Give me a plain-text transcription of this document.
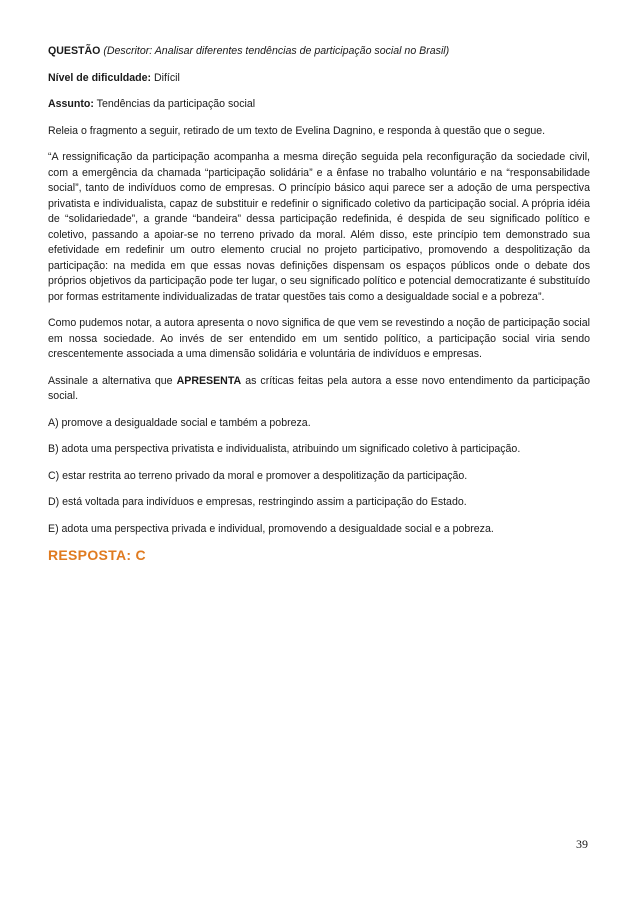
QUESTÃO (Descritor: Analisar diferentes tendências de participação social no Brasil)

Nível de dificuldade: Difícil

Assunto: Tendências da participação social

Releia o fragmento a seguir, retirado de um texto de Evelina Dagnino, e responda à questão que o segue.

“A ressignificação da participação acompanha a mesma direção seguida pela reconfiguração da sociedade civil, com a emergência da chamada “participação solidária” e a ênfase no trabalho voluntário e na “responsabilidade social”, tanto de indivíduos como de empresas. O princípio básico aqui parece ser a adoção de uma perspectiva privatista e individualista, capaz de substituir e redefinir o significado coletivo da participação social. A própria idéia de “solidariedade”, a grande “bandeira” dessa participação redefinida, é despida de seu significado político e coletivo, passando a apoiar-se no terreno privado da moral. Além disso, este princípio tem demonstrado sua efetividade em redefinir um outro elemento crucial no projeto participativo, promovendo a despolitização da participação: na medida em que essas novas definições dispensam os espaços públicos onde o debate dos próprios objetivos da participação pode ter lugar, o seu significado político e potencial democratizante é substituído por formas estritamente individualizadas de tratar questões tais como a desigualdade social e a pobreza”.

Como pudemos notar, a autora apresenta o novo significa de que vem se revestindo a noção de participação social em nossa sociedade. Ao invés de ser entendido em um sentido político, a participação social viria sendo crescentemente associada a uma dimensão solidária e voluntária de indivíduos e empresas.

Assinale a alternativa que APRESENTA as críticas feitas pela autora a esse novo entendimento da participação social.

A) promove a desigualdade social e também a pobreza.

B) adota uma perspectiva privatista e individualista, atribuindo um significado coletivo à participação.

C) estar restrita ao terreno privado da moral e promover a despolitização da participação.

D) está voltada para indivíduos e empresas, restringindo assim a participação do Estado.

E) adota uma perspectiva privada e individual, promovendo a desigualdade social e a pobreza.

RESPOSTA: C
39
